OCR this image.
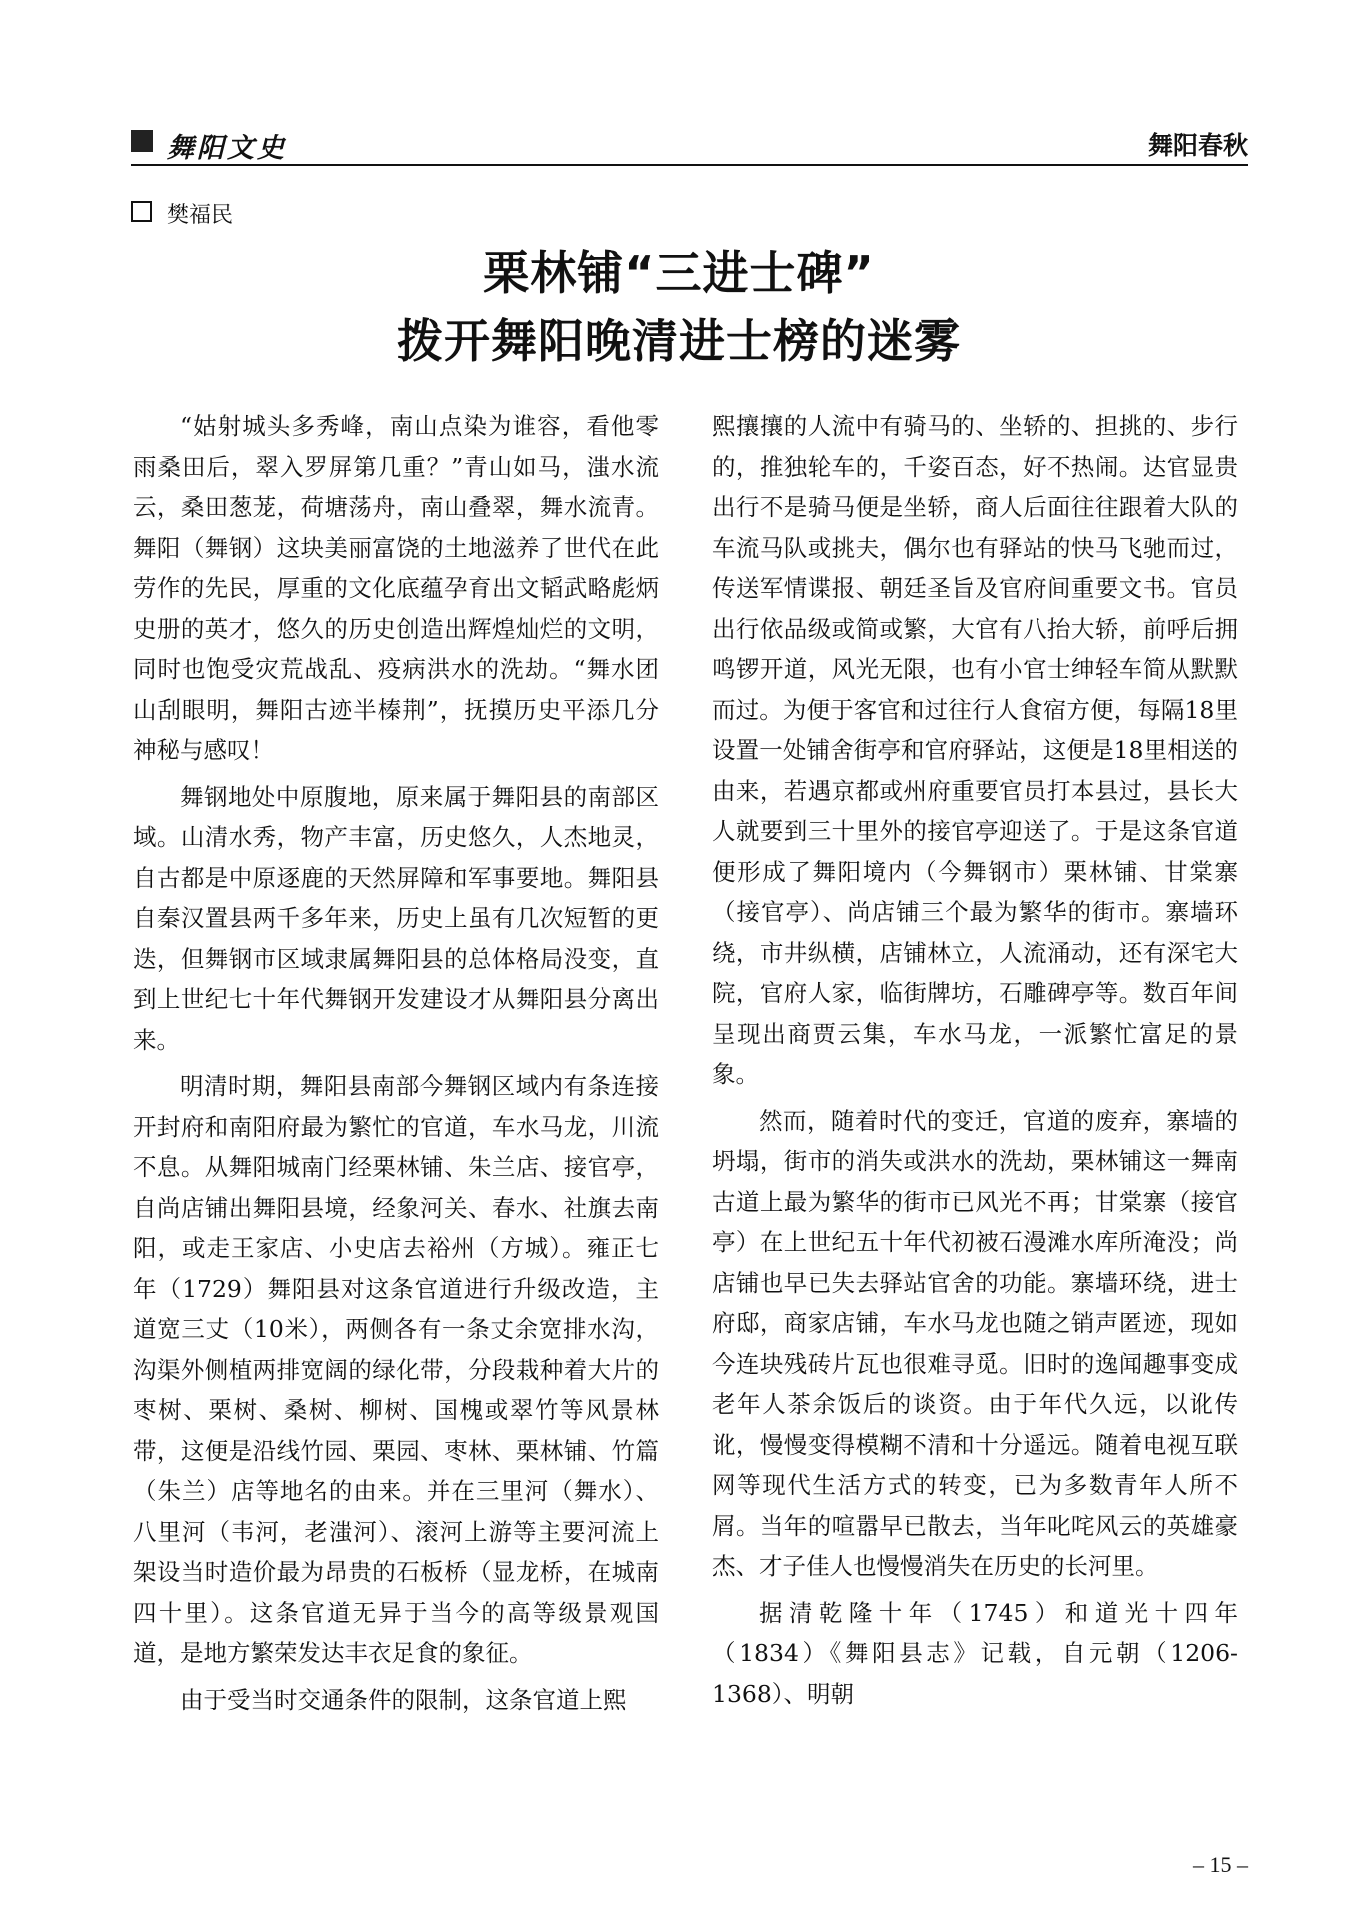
舞阳文史	舞阳春秋
樊福民
栗林铺“三进士碑”
拨开舞阳晚清进士榜的迷雾

“姑射城头多秀峰，南山点染为谁容，看他零雨桑田后，翠入罗屏第几重？”青山如马，滍水流云，桑田葱茏，荷塘荡舟，南山叠翠，舞水流青。舞阳（舞钢）这块美丽富饶的土地滋养了世代在此劳作的先民，厚重的文化底蕴孕育出文韬武略彪炳史册的英才，悠久的历史创造出辉煌灿烂的文明，同时也饱受灾荒战乱、疫病洪水的洗劫。“舞水团山刮眼明，舞阳古迹半榛荆”，抚摸历史平添几分神秘与感叹！

舞钢地处中原腹地，原来属于舞阳县的南部区域。山清水秀，物产丰富，历史悠久，人杰地灵，自古都是中原逐鹿的天然屏障和军事要地。舞阳县自秦汉置县两千多年来，历史上虽有几次短暂的更迭，但舞钢市区域隶属舞阳县的总体格局没变，直到上世纪七十年代舞钢开发建设才从舞阳县分离出来。

明清时期，舞阳县南部今舞钢区域内有条连接开封府和南阳府最为繁忙的官道，车水马龙，川流不息。从舞阳城南门经栗林铺、朱兰店、接官亭，自尚店铺出舞阳县境，经象河关、春水、社旗去南阳，或走王家店、小史店去裕州（方城）。雍正七年（1729）舞阳县对这条官道进行升级改造，主道宽三丈（10米），两侧各有一条丈余宽排水沟，沟渠外侧植两排宽阔的绿化带，分段栽种着大片的枣树、栗树、桑树、柳树、国槐或翠竹等风景林带，这便是沿线竹园、栗园、枣林、栗林铺、竹篇（朱兰）店等地名的由来。并在三里河（舞水）、八里河（韦河，老滍河）、滚河上游等主要河流上架设当时造价最为昂贵的石板桥（显龙桥，在城南四十里）。这条官道无异于当今的高等级景观国道，是地方繁荣发达丰衣足食的象征。

由于受当时交通条件的限制，这条官道上熙

熙攘攘的人流中有骑马的、坐轿的、担挑的、步行的，推独轮车的，千姿百态，好不热闹。达官显贵出行不是骑马便是坐轿，商人后面往往跟着大队的车流马队或挑夫，偶尔也有驿站的快马飞驰而过，传送军情谍报、朝廷圣旨及官府间重要文书。官员出行依品级或简或繁，大官有八抬大轿，前呼后拥鸣锣开道，风光无限，也有小官士绅轻车简从默默而过。为便于客官和过往行人食宿方便，每隔18里设置一处铺舍街亭和官府驿站，这便是18里相送的由来，若遇京都或州府重要官员打本县过，县长大人就要到三十里外的接官亭迎送了。于是这条官道便形成了舞阳境内（今舞钢市）栗林铺、甘棠寨（接官亭）、尚店铺三个最为繁华的街市。寨墙环绕，市井纵横，店铺林立，人流涌动，还有深宅大院，官府人家，临街牌坊，石雕碑亭等。数百年间呈现出商贾云集，车水马龙，一派繁忙富足的景象。

然而，随着时代的变迁，官道的废弃，寨墙的坍塌，街市的消失或洪水的洗劫，栗林铺这一舞南古道上最为繁华的街市已风光不再；甘棠寨（接官亭）在上世纪五十年代初被石漫滩水库所淹没；尚店铺也早已失去驿站官舍的功能。寨墙环绕，进士府邸，商家店铺，车水马龙也随之销声匿迹，现如今连块残砖片瓦也很难寻觅。旧时的逸闻趣事变成老年人茶余饭后的谈资。由于年代久远，以讹传讹，慢慢变得模糊不清和十分遥远。随着电视互联网等现代生活方式的转变，已为多数青年人所不屑。当年的喧嚣早已散去，当年叱咤风云的英雄豪杰、才子佳人也慢慢消失在历史的长河里。

据清乾隆十年（1745）和道光十四年（1834）《舞阳县志》记载，自元朝（1206-1368）、明朝

– 15 –
